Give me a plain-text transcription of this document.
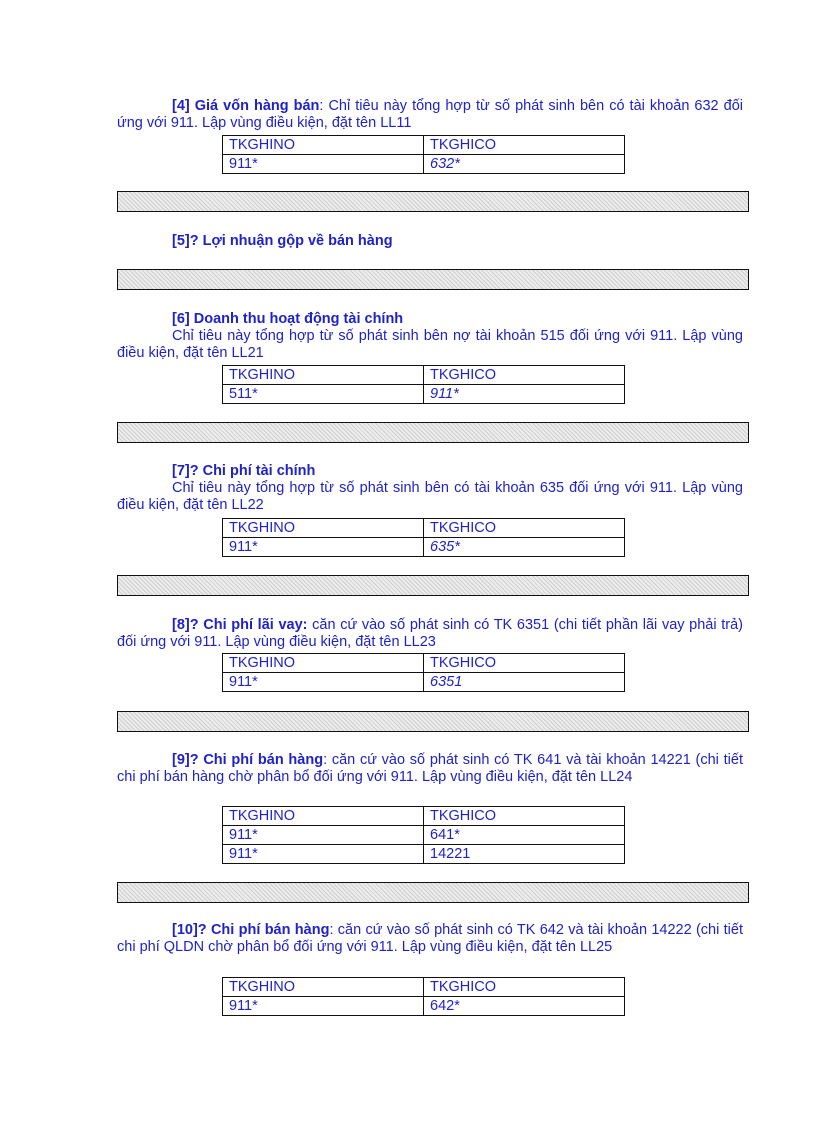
[4] Giá vốn hàng bán: Chỉ tiêu này tổng hợp từ số phát sinh bên có tài khoản 632 đối ứng với 911. Lập vùng điều kiện, đặt tên LL11
TKGHINO	TKGHICO
911*	632*
[5]? Lợi nhuận gộp về bán hàng
[6] Doanh thu hoạt động tài chính
Chỉ tiêu này tổng hợp từ số phát sinh bên nợ tài khoản 515 đối ứng với 911. Lập vùng điều kiện, đặt tên LL21
TKGHINO	TKGHICO
511*	911*
[7]? Chi phí tài chính
Chỉ tiêu này tổng hợp từ số phát sinh bên có tài khoản 635 đối ứng với 911. Lập vùng điều kiện, đặt tên LL22
TKGHINO	TKGHICO
911*	635*
[8]? Chi phí lãi vay: căn cứ vào số phát sinh có TK 6351 (chi tiết phần lãi vay phải trả) đối ứng với 911. Lập vùng điều kiện, đặt tên LL23
TKGHINO	TKGHICO
911*	6351
[9]? Chi phí bán hàng: căn cứ vào số phát sinh có TK 641 và tài khoản 14221 (chi tiết chi phí bán hàng chờ phân bổ đối ứng với 911. Lập vùng điều kiện, đặt tên LL24
TKGHINO	TKGHICO
911*	641*
911*	14221
[10]? Chi phí bán hàng: căn cứ vào số phát sinh có TK 642 và tài khoản 14222 (chi tiết chi phí QLDN chờ phân bổ đối ứng với 911. Lập vùng điều kiện, đặt tên LL25
TKGHINO	TKGHICO
911*	642*
